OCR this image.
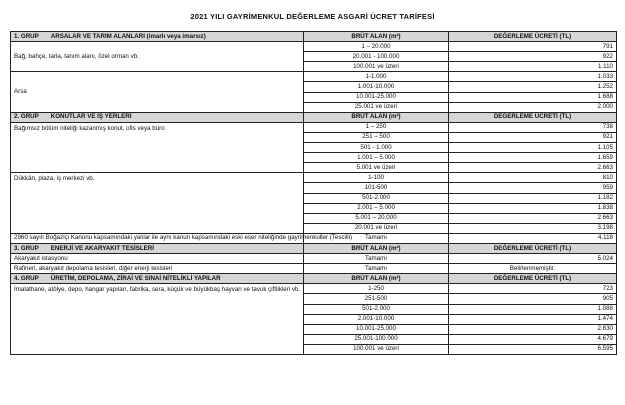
2021 YILI GAYRİMENKUL DEĞERLEME ASGARİ ÜCRET TARİFESİ
1. GRUP ARSALAR VE TARIM ALANLARI (imarlı veya imarsız)	BRÜT ALAN (m²)	DEĞERLEME ÜCRETİ (TL)
Bağ, bahçe, tarla, tanım alanı, özel orman vb.	1 – 20.000	791
	20.001 - 100.000	922
	100.001 ve üzeri	1.110
Arsa	1-1.000	1.033
	1.001-10.000	1.252
	10.001-25.000	1.688
	25.001 ve üzeri	2.000

2. GRUP KONUTLAR VE İŞ YERLERİ	BRÜT ALAN (m²)	DEĞERLEME ÜCRETİ (TL)
Bağımsız bölüm niteliği kazanmış konut, ofis veya büro	1 – 250	738
	251 – 500	921
	501 - 1.000	1.105
	1.001 – 5.000	1.659
	5.001 ve üzeri	2.663
Dükkân, plaza, iş merkezi vb.	1-100	810
	101-500	959
	501-2.000	1.182
	2.001 – 5.000	1.838
	5.001 – 20.000	2.663
	20.001 ve üzeri	3.198
2960 sayılı Boğaziçi Kanunu kapsamındaki yalılar ile aynı kanun kapsamındaki eski eser niteliğinde gayrimenkuller (Tescilli)	Tamamı	4.118

3. GRUP ENERJİ VE AKARYAKIT TESİSLERİ	BRÜT ALAN (m²)	DEĞERLEME ÜCRETİ (TL)
Akaryakıt istasyonu	Tamamı	5.024
Rafineri, akaryakıt depolama tesisleri, diğer enerji tesisleri	Tamamı	Belirlenmemiştir.

4. GRUP ÜRETİM, DEPOLAMA, ZİRAİ VE SINAİ NİTELİKLİ YAPILAR	BRÜT ALAN (m²)	DEĞERLEME ÜCRETİ (TL)
İmalathane, atölye, depo, hangar yapıları, fabrika, sera, küçük ve büyükbaş hayvan ve tavuk çiftlikleri vb.	1-250	723
	251-500	905
	501-2.000	1.088
	2.001-10.000	1.474
	10.001-25.000	2.830
	25.001-100.000	4.679
	100.001 ve üzeri	6.595
